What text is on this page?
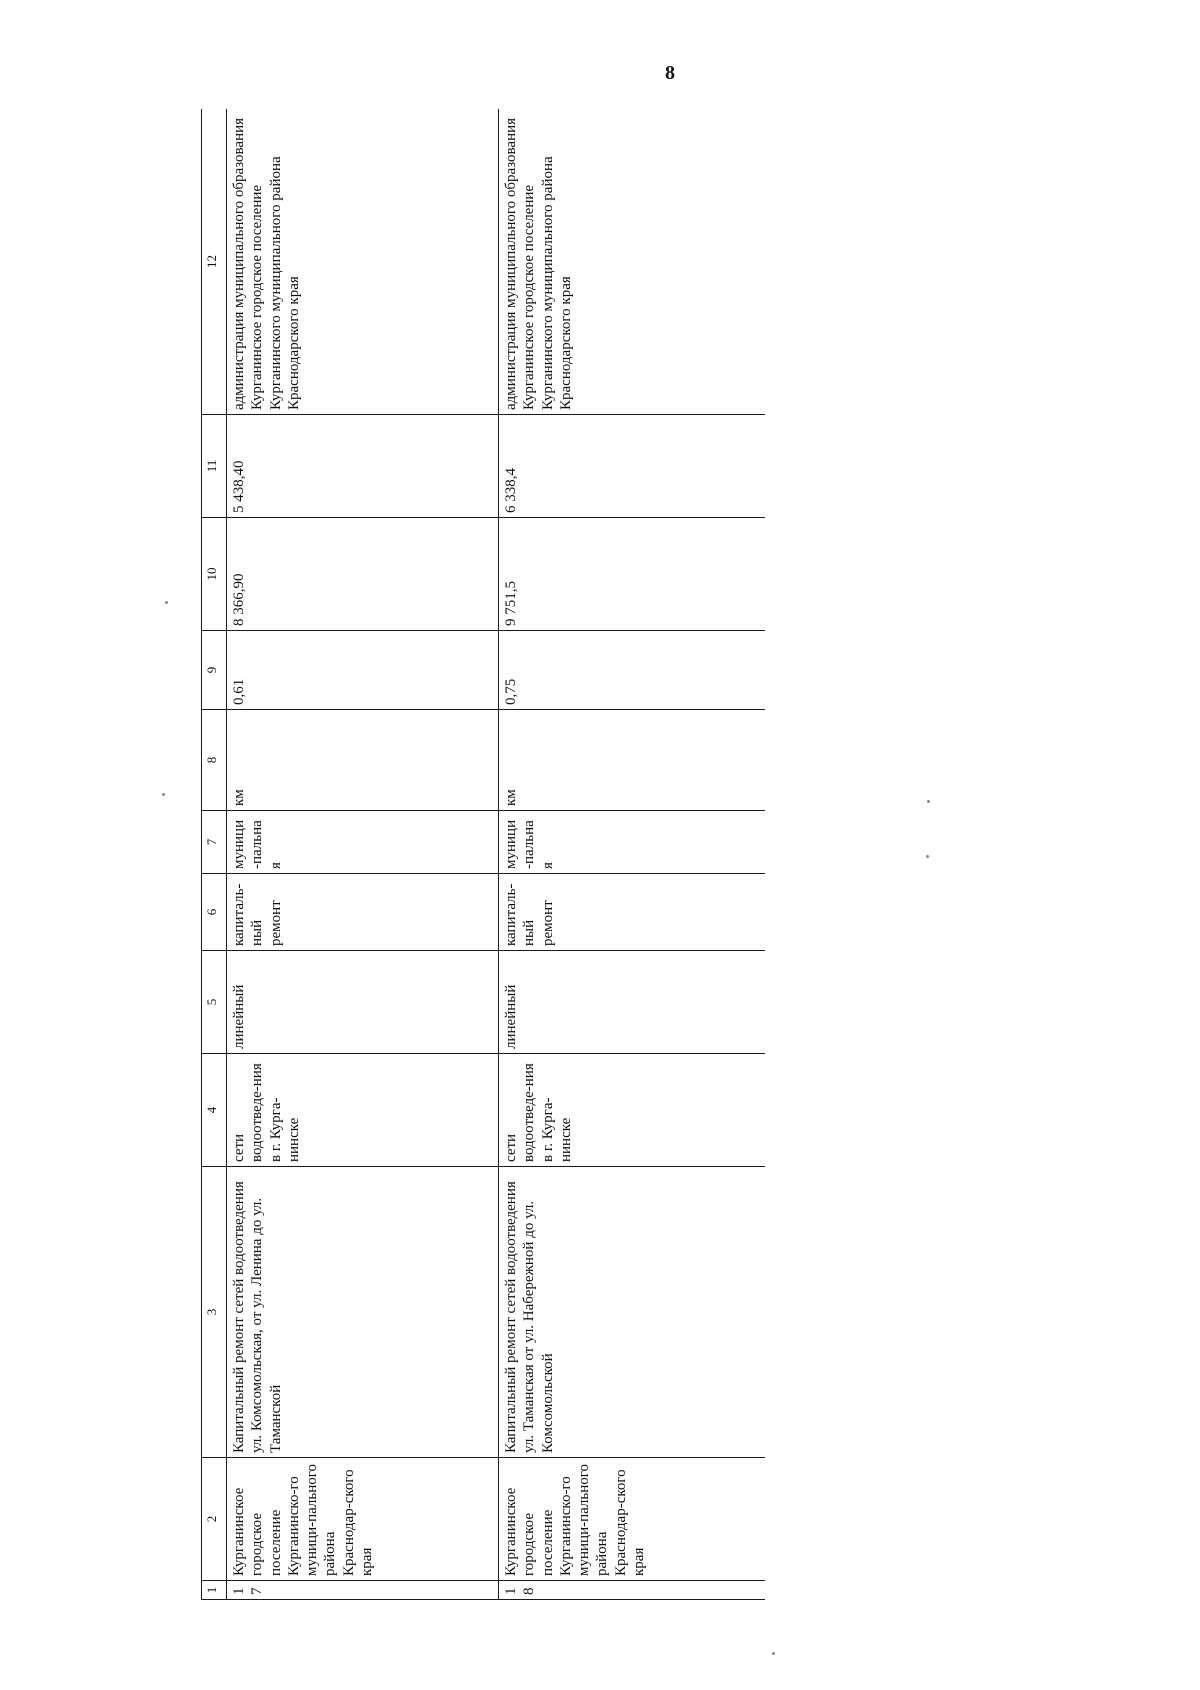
8
1	2	3	4	5	6	7	8	9	10	11	12
17	Курганинское городское поселение Курганинско-го муници-пального района Краснодар-ского края	Капитальный ремонт сетей водоотведения ул. Комсомольская, от ул. Ленина до ул. Таманской	сети водоотведе-ния в г. Курга-нинске	линейный	капиталь-ный ремонт	муници-пальная	км	0,61	8 366,90	5 438,40	администрация муниципального образования Курганинское городское поселение Курганинского муниципального района Краснодарского края
18	Курганинское городское поселение Курганинско-го муници-пального района Краснодар-ского края	Капитальный ремонт сетей водоотведения ул. Таманская от ул. Набережной до ул. Комсомольской	сети водоотведе-ния в г. Курга-нинске	линейный	капиталь-ный ремонт	муници-пальная	км	0,75	9 751,5	6 338,4	администрация муниципального образования Курганинское городское поселение Курганинского муниципального района Краснодарского края
